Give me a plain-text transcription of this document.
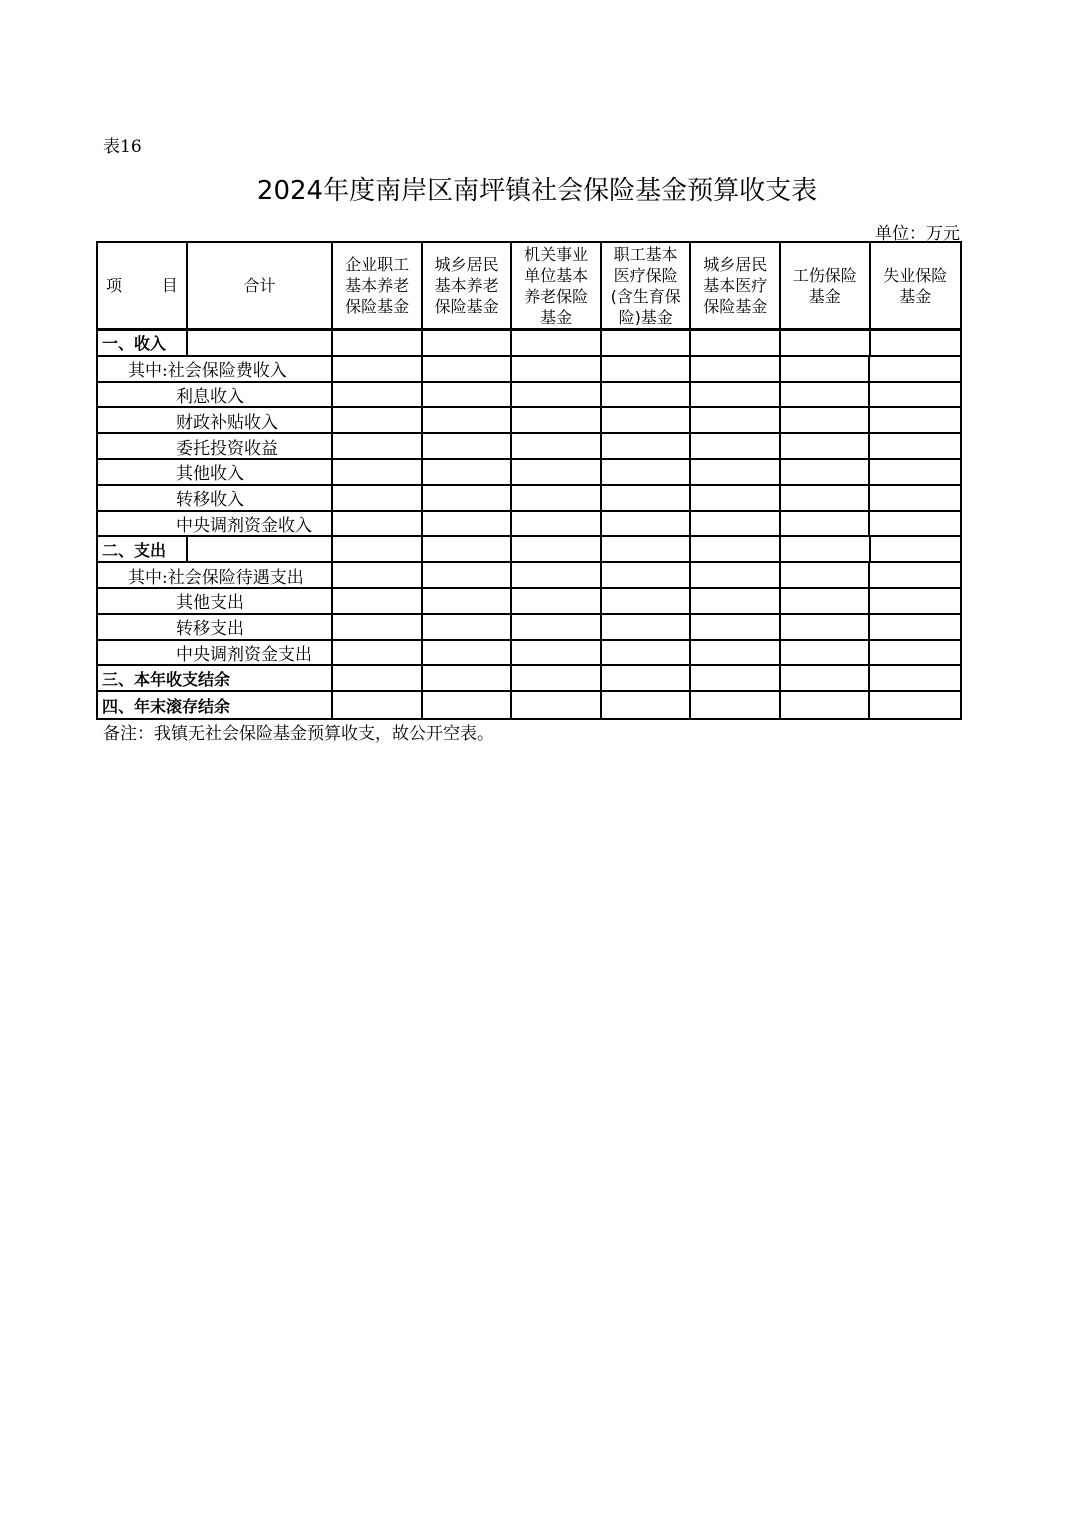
表16
2024年度南岸区南坪镇社会保险基金预算收支表
单位：万元
项 目	合计
企业职工
基本养老
保险基金
城乡居民
基本养老
保险基金
机关事业
单位基本
养老保险
基金
职工基本
医疗保险
(含生育保
险)基金
城乡居民
基本医疗
保险基金
工伤保险
基金
失业保险
基金
一、收入
其中:社会保险费收入
利息收入
财政补贴收入
委托投资收益
其他收入
转移收入
中央调剂资金收入
二、支出
其中:社会保险待遇支出
其他支出
转移支出
中央调剂资金支出
三、本年收支结余
四、年末滚存结余
备注：我镇无社会保险基金预算收支，故公开空表。
